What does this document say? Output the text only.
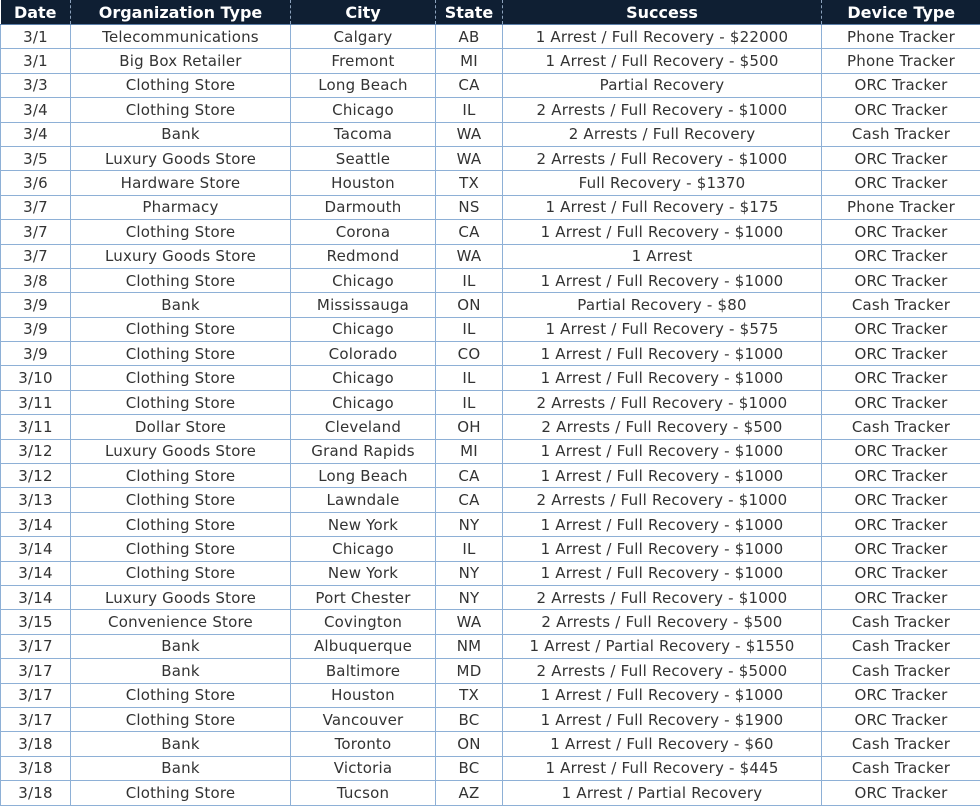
Date	Organization Type	City	State	Success	Device Type
3/1	Telecommunications	Calgary	AB	1 Arrest / Full Recovery - $22000	Phone Tracker
3/1	Big Box Retailer	Fremont	MI	1 Arrest / Full Recovery - $500	Phone Tracker
3/3	Clothing Store	Long Beach	CA	Partial Recovery	ORC Tracker
3/4	Clothing Store	Chicago	IL	2 Arrests / Full Recovery - $1000	ORC Tracker
3/4	Bank	Tacoma	WA	2 Arrests / Full Recovery	Cash Tracker
3/5	Luxury Goods Store	Seattle	WA	2 Arrests / Full Recovery - $1000	ORC Tracker
3/6	Hardware Store	Houston	TX	Full Recovery - $1370	ORC Tracker
3/7	Pharmacy	Darmouth	NS	1 Arrest / Full Recovery - $175	Phone Tracker
3/7	Clothing Store	Corona	CA	1 Arrest / Full Recovery - $1000	ORC Tracker
3/7	Luxury Goods Store	Redmond	WA	1 Arrest	ORC Tracker
3/8	Clothing Store	Chicago	IL	1 Arrest / Full Recovery - $1000	ORC Tracker
3/9	Bank	Mississauga	ON	Partial Recovery - $80	Cash Tracker
3/9	Clothing Store	Chicago	IL	1 Arrest / Full Recovery - $575	ORC Tracker
3/9	Clothing Store	Colorado	CO	1 Arrest / Full Recovery - $1000	ORC Tracker
3/10	Clothing Store	Chicago	IL	1 Arrest / Full Recovery - $1000	ORC Tracker
3/11	Clothing Store	Chicago	IL	2 Arrests / Full Recovery - $1000	ORC Tracker
3/11	Dollar Store	Cleveland	OH	2 Arrests / Full Recovery - $500	Cash Tracker
3/12	Luxury Goods Store	Grand Rapids	MI	1 Arrest / Full Recovery - $1000	ORC Tracker
3/12	Clothing Store	Long Beach	CA	1 Arrest / Full Recovery - $1000	ORC Tracker
3/13	Clothing Store	Lawndale	CA	2 Arrests / Full Recovery - $1000	ORC Tracker
3/14	Clothing Store	New York	NY	1 Arrest / Full Recovery - $1000	ORC Tracker
3/14	Clothing Store	Chicago	IL	1 Arrest / Full Recovery - $1000	ORC Tracker
3/14	Clothing Store	New York	NY	1 Arrest / Full Recovery - $1000	ORC Tracker
3/14	Luxury Goods Store	Port Chester	NY	2 Arrests / Full Recovery - $1000	ORC Tracker
3/15	Convenience Store	Covington	WA	2 Arrests / Full Recovery - $500	Cash Tracker
3/17	Bank	Albuquerque	NM	1 Arrest / Partial Recovery - $1550	Cash Tracker
3/17	Bank	Baltimore	MD	2 Arrests / Full Recovery - $5000	Cash Tracker
3/17	Clothing Store	Houston	TX	1 Arrest / Full Recovery - $1000	ORC Tracker
3/17	Clothing Store	Vancouver	BC	1 Arrest / Full Recovery - $1900	ORC Tracker
3/18	Bank	Toronto	ON	1 Arrest / Full Recovery - $60	Cash Tracker
3/18	Bank	Victoria	BC	1 Arrest / Full Recovery - $445	Cash Tracker
3/18	Clothing Store	Tucson	AZ	1 Arrest / Partial Recovery	ORC Tracker
